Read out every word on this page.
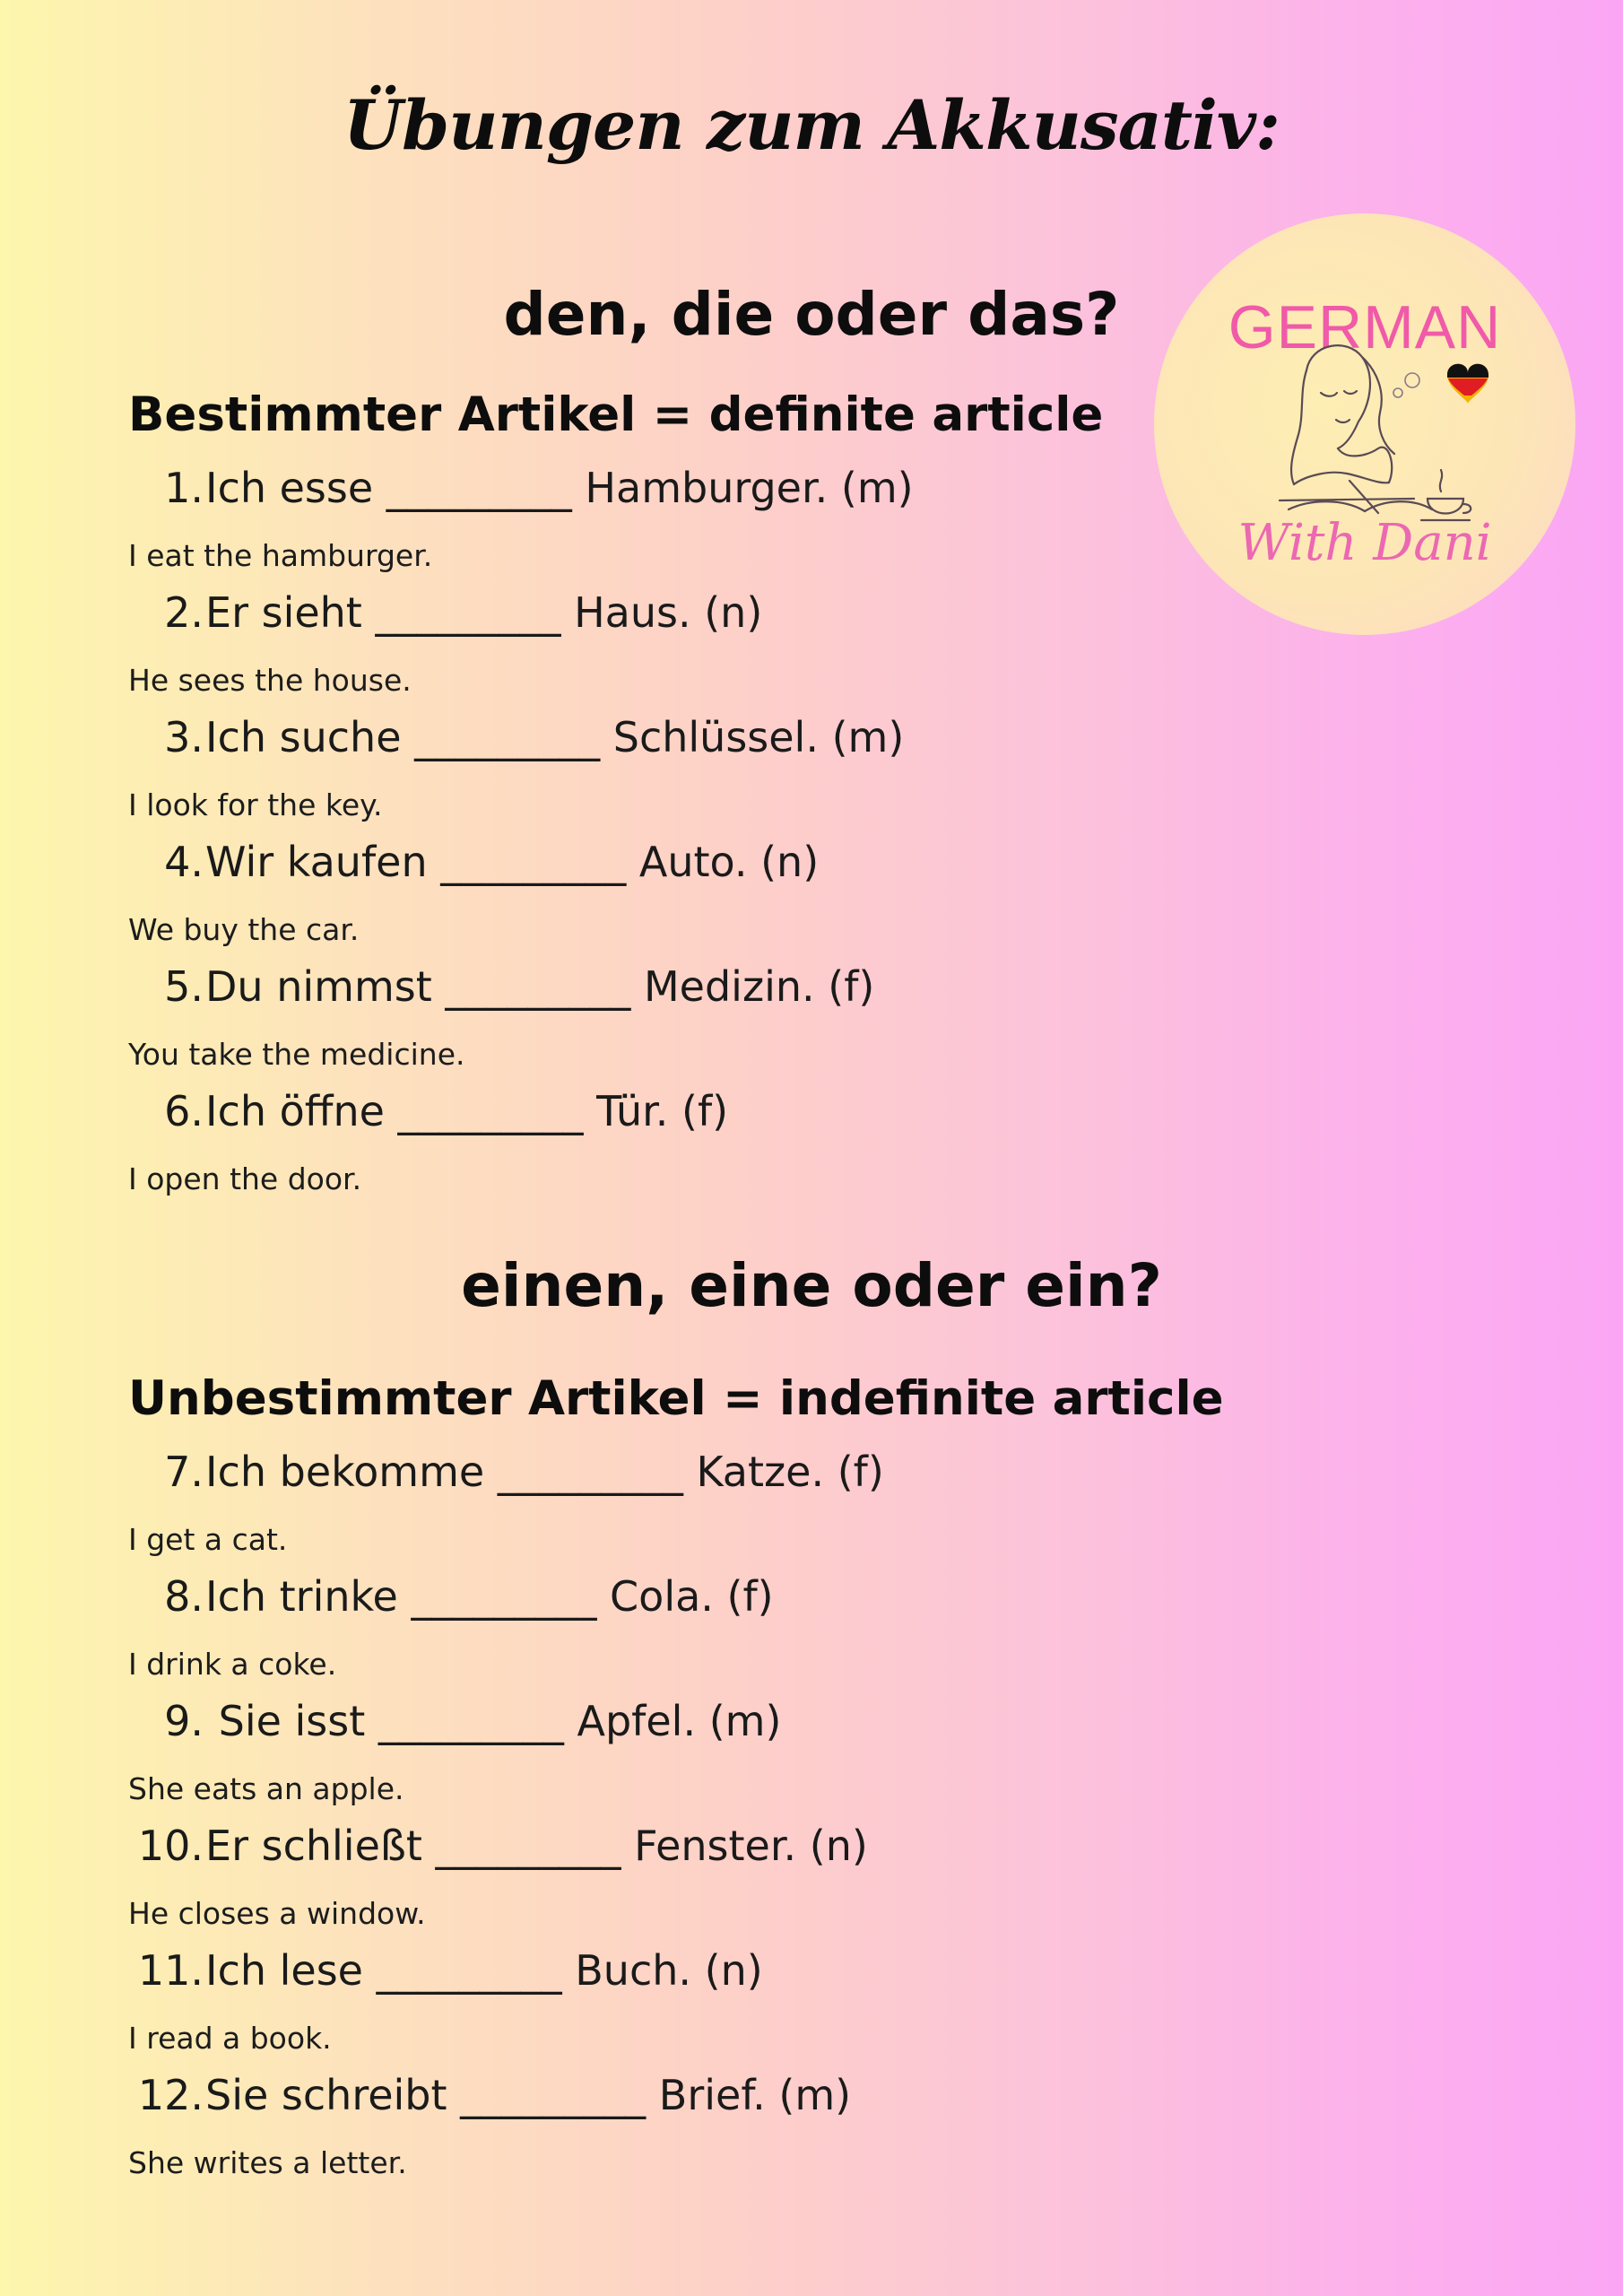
Übungen zum Akkusativ:
GERMAN
With Dani
den, die oder das?
Bestimmter Artikel = definite article
1.Ich esse _________ Hamburger. (m)
I eat the hamburger.
2.Er sieht _________ Haus. (n)
He sees the house.
3.Ich suche _________ Schlüssel. (m)
I look for the key.
4.Wir kaufen _________ Auto. (n)
We buy the car.
5.Du nimmst _________ Medizin. (f)
You take the medicine.
6.Ich öffne _________ Tür. (f)
I open the door.
einen, eine oder ein?
Unbestimmter Artikel = indefinite article
7.Ich bekomme _________ Katze. (f)
I get a cat.
8.Ich trinke _________ Cola. (f)
I drink a coke.
9. Sie isst _________ Apfel. (m)
She eats an apple.
10.Er schließt _________ Fenster. (n)
He closes a window.
11.Ich lese _________ Buch. (n)
I read a book.
12.Sie schreibt _________ Brief. (m)
She writes a letter.
